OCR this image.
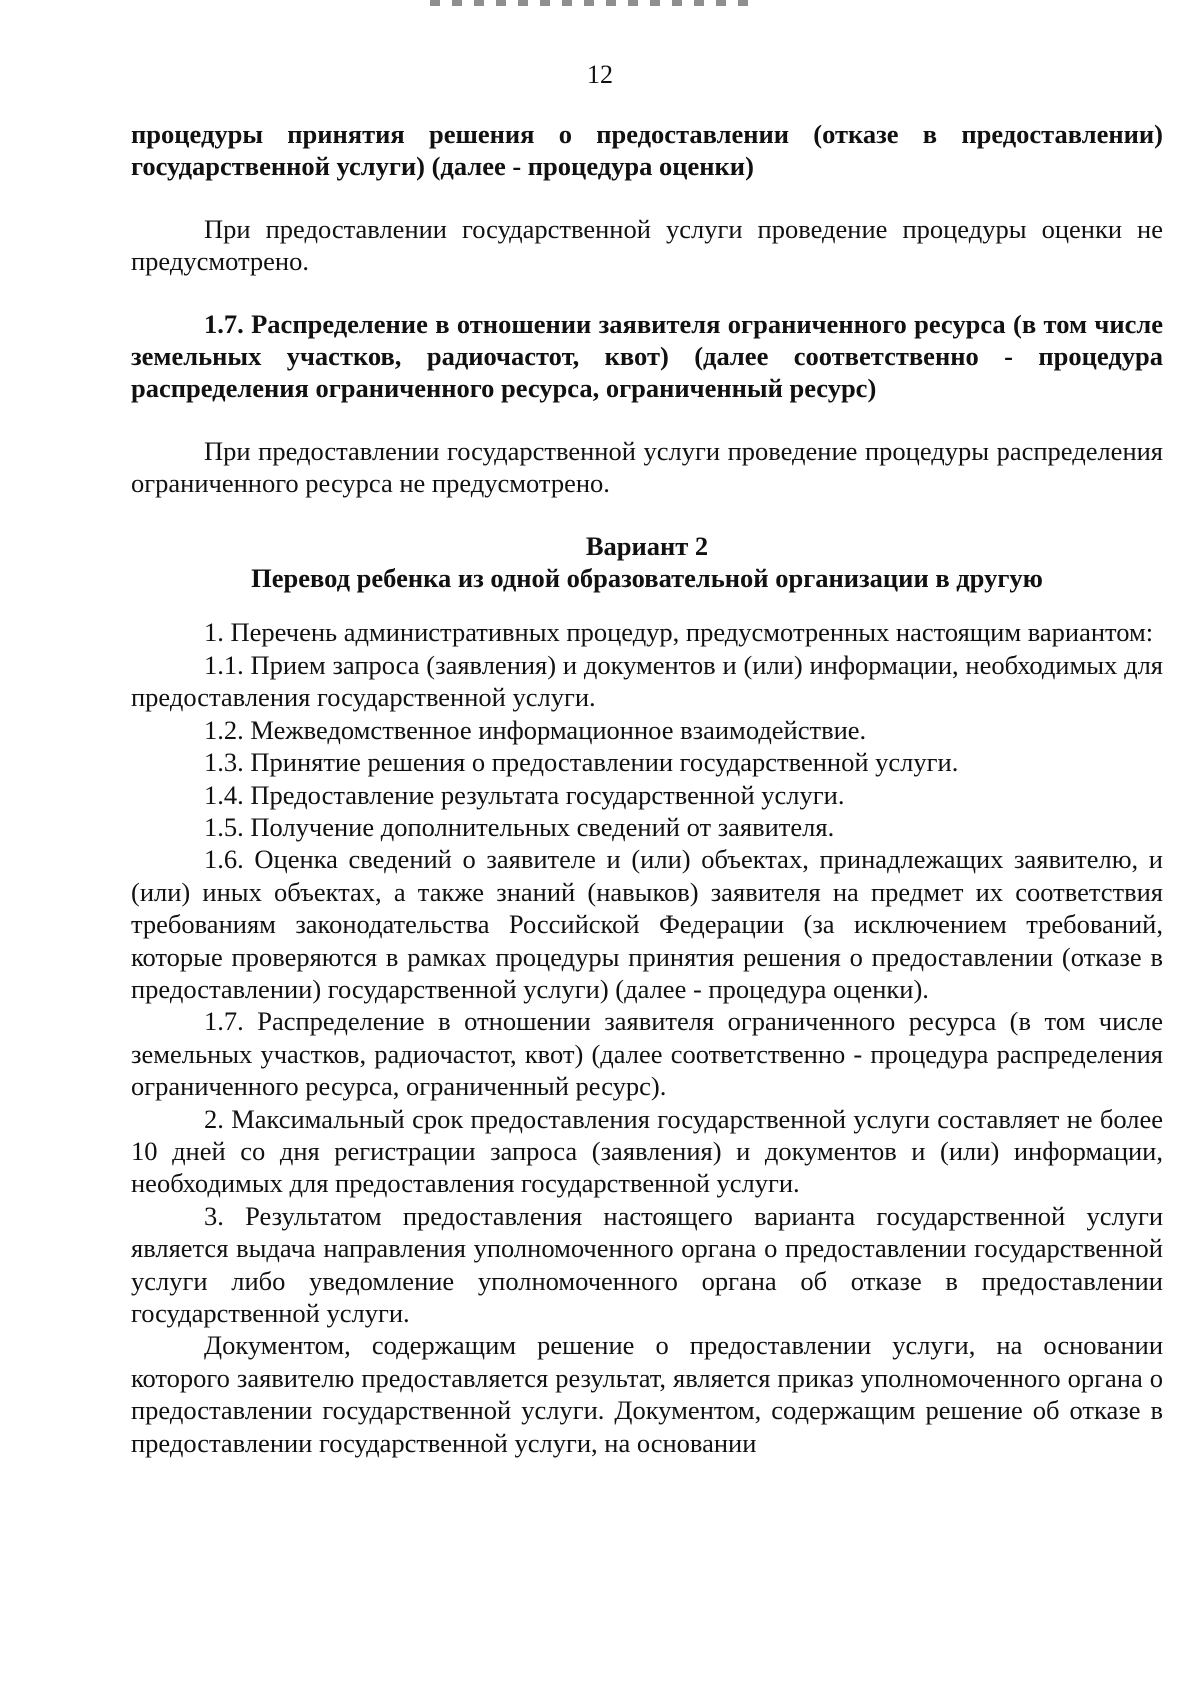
12

процедуры принятия решения о предоставлении (отказе в предоставлении) государственной услуги) (далее - процедура оценки)

При предоставлении государственной услуги проведение процедуры оценки не предусмотрено.

1.7. Распределение в отношении заявителя ограниченного ресурса (в том числе земельных участков, радиочастот, квот) (далее соответственно - процедура распределения ограниченного ресурса, ограниченный ресурс)

При предоставлении государственной услуги проведение процедуры распределения ограниченного ресурса не предусмотрено.

Вариант 2

Перевод ребенка из одной образовательной организации в другую

1. Перечень административных процедур, предусмотренных настоящим вариантом:

1.1. Прием запроса (заявления) и документов и (или) информации, необходимых для предоставления государственной услуги.

1.2. Межведомственное информационное взаимодействие.

1.3. Принятие решения о предоставлении государственной услуги.

1.4. Предоставление результата государственной услуги.

1.5. Получение дополнительных сведений от заявителя.

1.6. Оценка сведений о заявителе и (или) объектах, принадлежащих заявителю, и (или) иных объектах, а также знаний (навыков) заявителя на предмет их соответствия требованиям законодательства Российской Федерации (за исключением требований, которые проверяются в рамках процедуры принятия решения о предоставлении (отказе в предоставлении) государственной услуги) (далее - процедура оценки).

1.7. Распределение в отношении заявителя ограниченного ресурса (в том числе земельных участков, радиочастот, квот) (далее соответственно - процедура распределения ограниченного ресурса, ограниченный ресурс).

2. Максимальный срок предоставления государственной услуги составляет не более 10 дней со дня регистрации запроса (заявления) и документов и (или) информации, необходимых для предоставления государственной услуги.

3. Результатом предоставления настоящего варианта государственной услуги является выдача направления уполномоченного органа о предоставлении государственной услуги либо уведомление уполномоченного органа об отказе в предоставлении государственной услуги.

Документом, содержащим решение о предоставлении услуги, на основании которого заявителю предоставляется результат, является приказ уполномоченного органа о предоставлении государственной услуги. Документом, содержащим решение об отказе в предоставлении государственной услуги, на основании
